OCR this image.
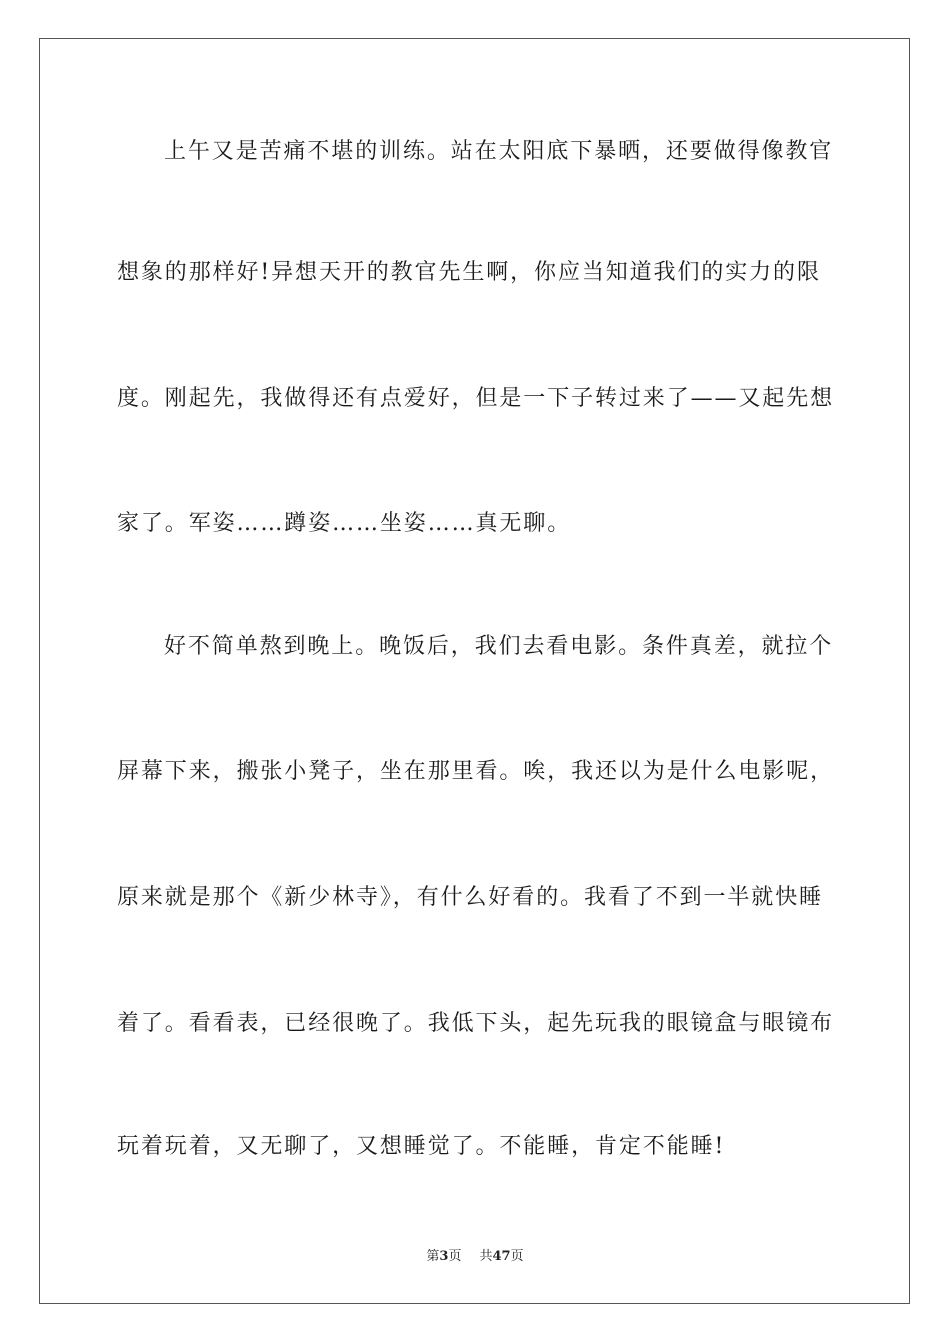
上午又是苦痛不堪的训练。站在太阳底下暴晒，还要做得像教官
想象的那样好!异想天开的教官先生啊，你应当知道我们的实力的限
度。刚起先，我做得还有点爱好，但是一下子转过来了——又起先想
家了。军姿……蹲姿……坐姿……真无聊。
好不简单熬到晚上。晚饭后，我们去看电影。条件真差，就拉个
屏幕下来，搬张小凳子，坐在那里看。唉，我还以为是什么电影呢，
原来就是那个《新少林寺》，有什么好看的。我看了不到一半就快睡
着了。看看表，已经很晚了。我低下头，起先玩我的眼镜盒与眼镜布
玩着玩着，又无聊了，又想睡觉了。不能睡，肯定不能睡!
第3页 共47页
